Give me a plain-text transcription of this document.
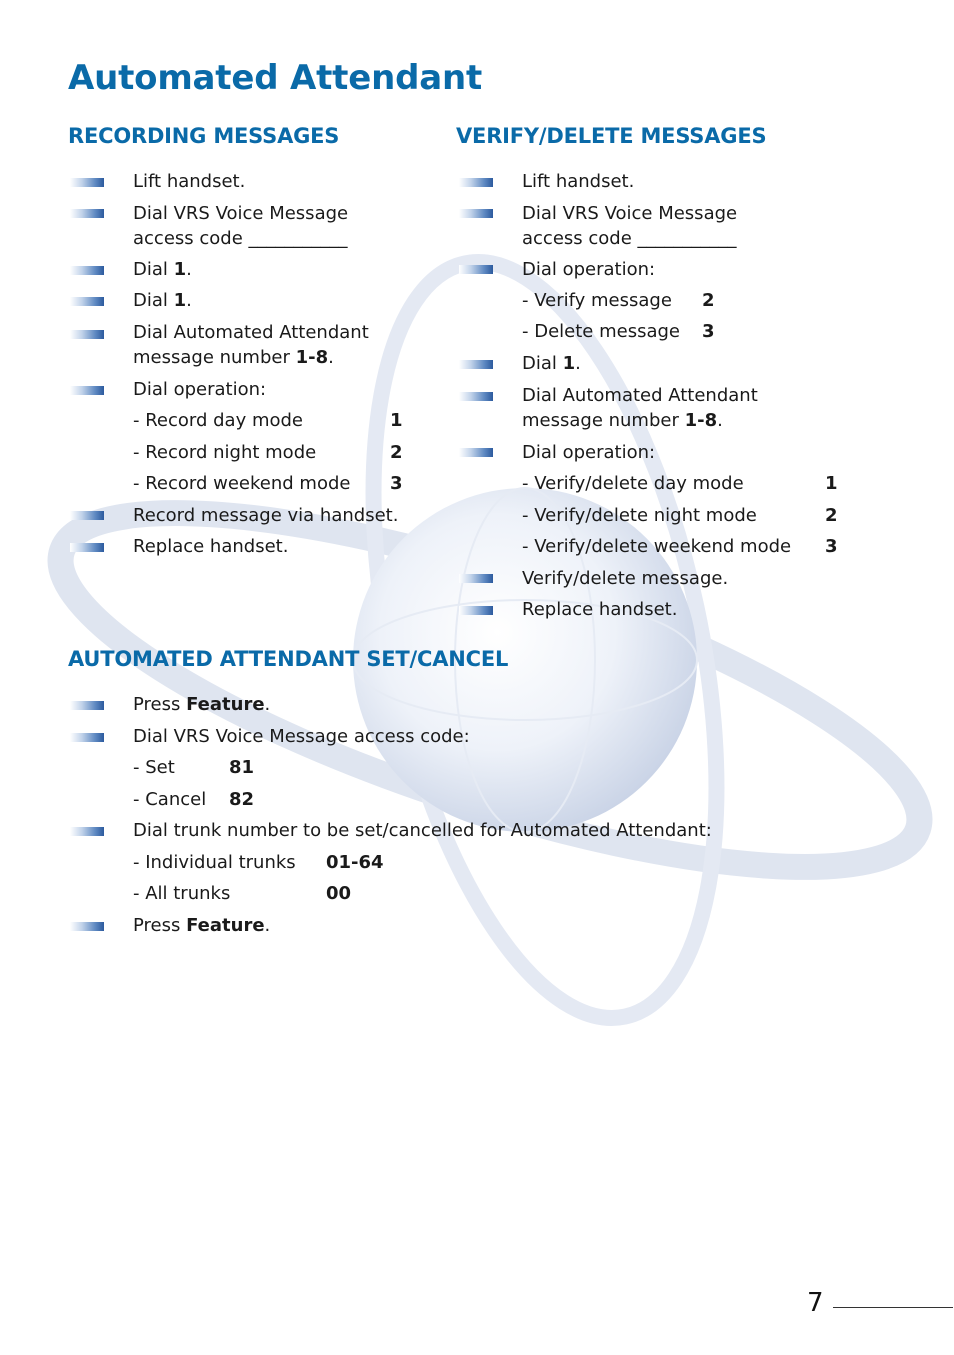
Automated Attendant
RECORDING MESSAGES
Lift handset.
Dial VRS Voice Message
access code ___________
Dial 1.
Dial 1.
Dial Automated Attendant
message number 1-8.
Dial operation:
- Record day mode	1
- Record night mode	2
- Record weekend mode 3
Record message via handset.
Replace handset.
VERIFY/DELETE MESSAGES
Lift handset.
Dial VRS Voice Message
access code ___________
Dial operation:
- Verify message 2
- Delete message 3
Dial 1.
Dial Automated Attendant
message number 1-8.
Dial operation:
- Verify/delete day mode	1
- Verify/delete night mode	2
- Verify/delete weekend mode 3
Verify/delete message.
Replace handset.
AUTOMATED ATTENDANT SET/CANCEL
Press Feature.
Dial VRS Voice Message access code:
- Set	81
- Cancel 82
Dial trunk number to be set/cancelled for Automated Attendant:
- Individual trunks 01-64
- All trunks	00
Press Feature.
7
